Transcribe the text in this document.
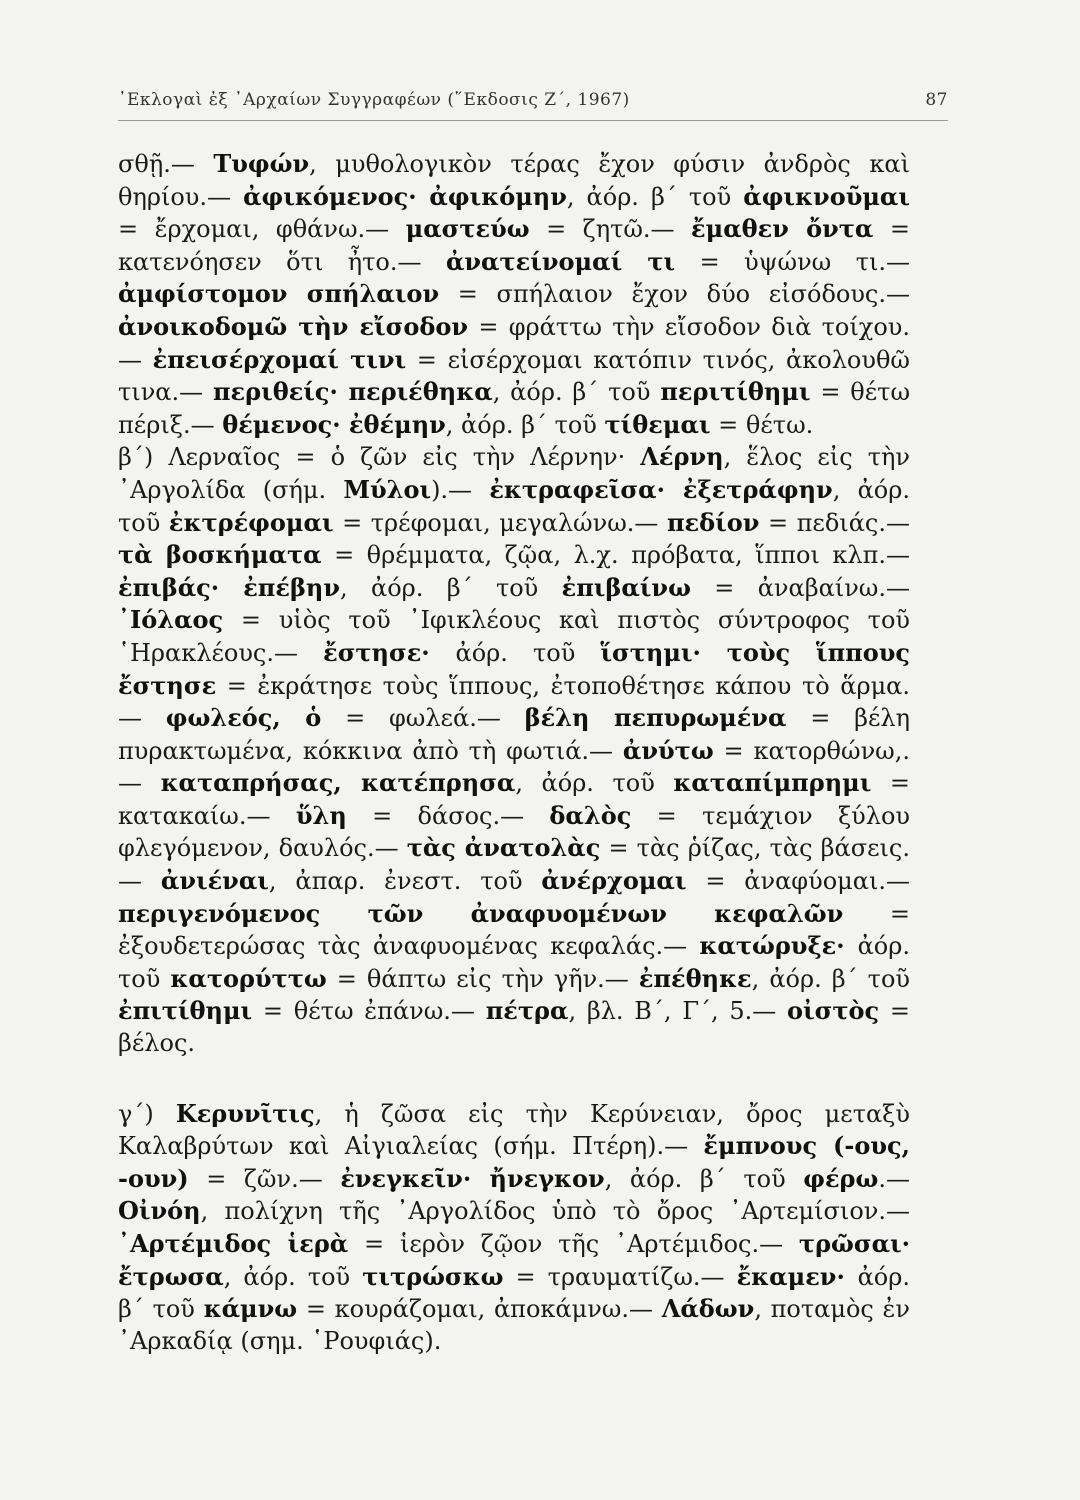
᾿Εκλογαὶ ἐξ ᾿Αρχαίων Συγγραφέων (῞Εκδοσις Ζ΄, 1967)	87

σθῇ.— Τυφών, μυθολογικὸν τέρας ἔχον φύσιν ἀνδρὸς καὶ θηρίου.— ἀφικόμενος· ἀφικόμην, ἀόρ. β΄ τοῦ ἀφικνοῦμαι = ἔρχομαι, φθάνω.— μαστεύω = ζητῶ.— ἔμαθεν ὄντα = κατενόησεν ὅτι ἦτο.— ἀνατείνομαί τι = ὑψώνω τι.— ἀμφίστομον σπήλαιον = σπήλαιον ἔχον δύο εἰσόδους.— ἀνοικοδομῶ τὴν εἴσοδον = φράττω τὴν εἴσοδον διὰ τοίχου.— ἐπεισέρχομαί τινι = εἰσέρχομαι κατόπιν τινός, ἀκολουθῶ τινα.— περιθείς· περιέθηκα, ἀόρ. β΄ τοῦ περιτίθημι = θέτω πέριξ.— θέμενος· ἐθέμην, ἀόρ. β΄ τοῦ τίθεμαι = θέτω.

β΄) Λερναῖος = ὁ ζῶν εἰς τὴν Λέρνην· Λέρνη, ἕλος εἰς τὴν ᾿Αργολίδα (σήμ. Μύλοι).— ἐκτραφεῖσα· ἐξετράφην, ἀόρ. τοῦ ἐκτρέφομαι = τρέφομαι, μεγαλώνω.— πεδίον = πεδιάς.— τὰ βοσκήματα = θρέμματα, ζῷα, λ.χ. πρόβατα, ἵπποι κλπ.— ἐπιβάς· ἐπέβην, ἀόρ. β΄ τοῦ ἐπιβαίνω = ἀναβαίνω.— ᾿Ιόλαος = υἱὸς τοῦ ᾿Ιφικλέους καὶ πιστὸς σύντροφος τοῦ ῾Ηρακλέους.— ἔστησε· ἀόρ. τοῦ ἵστημι· τοὺς ἵππους ἔστησε = ἐκράτησε τοὺς ἵππους, ἐτοποθέτησε κάπου τὸ ἅρμα.— φωλεός, ὁ = φωλεά.— βέλη πεπυρωμένα = βέλη πυρακτωμένα, κόκκινα ἀπὸ τὴ φωτιά.— ἀνύτω = κατορθώνω,.— καταπρήσας, κατέπρησα, ἀόρ. τοῦ καταπίμπρημι = κατακαίω.— ὕλη = δάσος.— δαλὸς = τεμάχιον ξύλου φλεγόμενον, δαυλός.— τὰς ἀνατολὰς = τὰς ῥίζας, τὰς βάσεις.— ἀνιέναι, ἀπαρ. ἐνεστ. τοῦ ἀνέρχομαι = ἀναφύομαι.— περιγενόμενος τῶν ἀναφυομένων κεφαλῶν = ἐξουδετερώσας τὰς ἀναφυομένας κεφαλάς.— κατώρυξε· ἀόρ. τοῦ κατορύττω = θάπτω εἰς τὴν γῆν.— ἐπέθηκε, ἀόρ. β΄ τοῦ ἐπιτίθημι = θέτω ἐπάνω.— πέτρα, βλ. Β΄, Γ΄, 5.— οἰστὸς = βέλος.

γ΄) Κερυνῖτις, ἡ ζῶσα εἰς τὴν Κερύνειαν, ὄρος μεταξὺ Καλαβρύτων καὶ Αἰγιαλείας (σήμ. Πτέρη).— ἔμπνους (-ους, -ουν) = ζῶν.— ἐνεγκεῖν· ἤνεγκον, ἀόρ. β΄ τοῦ φέρω.— Οἰνόη, πολίχνη τῆς ᾿Αργολίδος ὑπὸ τὸ ὄρος ᾿Αρτεμίσιον.— ᾿Αρτέμιδος ἱερὰ = ἱερὸν ζῷον τῆς ᾿Αρτέμιδος.— τρῶσαι· ἔτρωσα, ἀόρ. τοῦ τιτρώσκω = τραυματίζω.— ἔκαμεν· ἀόρ. β΄ τοῦ κάμνω = κουράζομαι, ἀποκάμνω.— Λάδων, ποταμὸς ἐν ᾿Αρκαδίᾳ (σημ. ῾Ρουφιάς).
